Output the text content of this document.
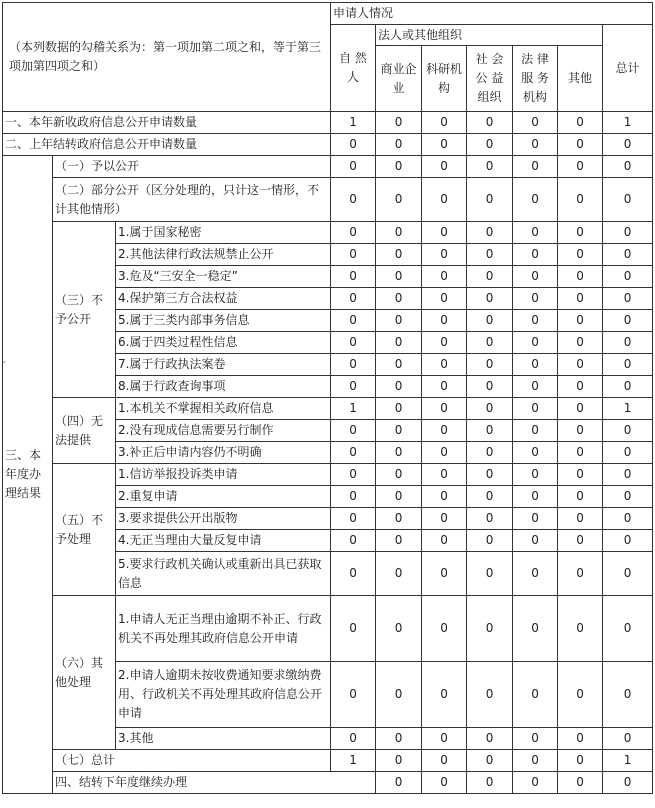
⌄
（本列数据的勾稽关系为：第一项加第二项之和，等于第三项加第四项之和）			申请人情况							
			自 然 人	法人或其他组织					总计	
				商业企业	科研机构	社 会 公 益 组织	法 律 服 务 机构	其他		
一、本年新收政府信息公开申请数量			1	0	0	0	0	0	1	
二、上年结转政府信息公开申请数量			0	0	0	0	0	0	0	
三、本年度办理结果	（一）予以公开		0	0	0	0	0	0	0	
	（二）部分公开（区分处理的，只计这一情形，不计其他情形）		0	0	0	0	0	0	0	
	（三）不予公开	1.属于国家秘密	0	0	0	0	0	0	0	
		2.其他法律行政法规禁止公开	0	0	0	0	0	0	0	
		3.危及“三安全一稳定”	0	0	0	0	0	0	0	
		4.保护第三方合法权益	0	0	0	0	0	0	0	
		5.属于三类内部事务信息	0	0	0	0	0	0	0	
		6.属于四类过程性信息	0	0	0	0	0	0	0	
		7.属于行政执法案卷	0	0	0	0	0	0	0	
		8.属于行政查询事项	0	0	0	0	0	0	0	
	（四）无法提供	1.本机关不掌握相关政府信息	1	0	0	0	0	0	1	
		2.没有现成信息需要另行制作	0	0	0	0	0	0	0	
		3.补正后申请内容仍不明确	0	0	0	0	0	0	0	
	（五）不予处理	1.信访举报投诉类申请	0	0	0	0	0	0	0	
		2.重复申请	0	0	0	0	0	0	0	
		3.要求提供公开出版物	0	0	0	0	0	0	0	
		4.无正当理由大量反复申请	0	0	0	0	0	0	0	
		5.要求行政机关确认或重新出具已获取信息	0	0	0	0	0	0	0	
	（六）其他处理	1.申请人无正当理由逾期不补正、行政机关不再处理其政府信息公开申请	0	0	0	0	0	0	0	
		2.申请人逾期未按收费通知要求缴纳费用、行政机关不再处理其政府信息公开申请	0	0	0	0	0	0	0	
		3.其他	0	0	0	0	0	0	0	
	（七）总计		1	0	0	0	0	0	1	
	四、结转下年度继续办理			0	0	0	0	0	0	
